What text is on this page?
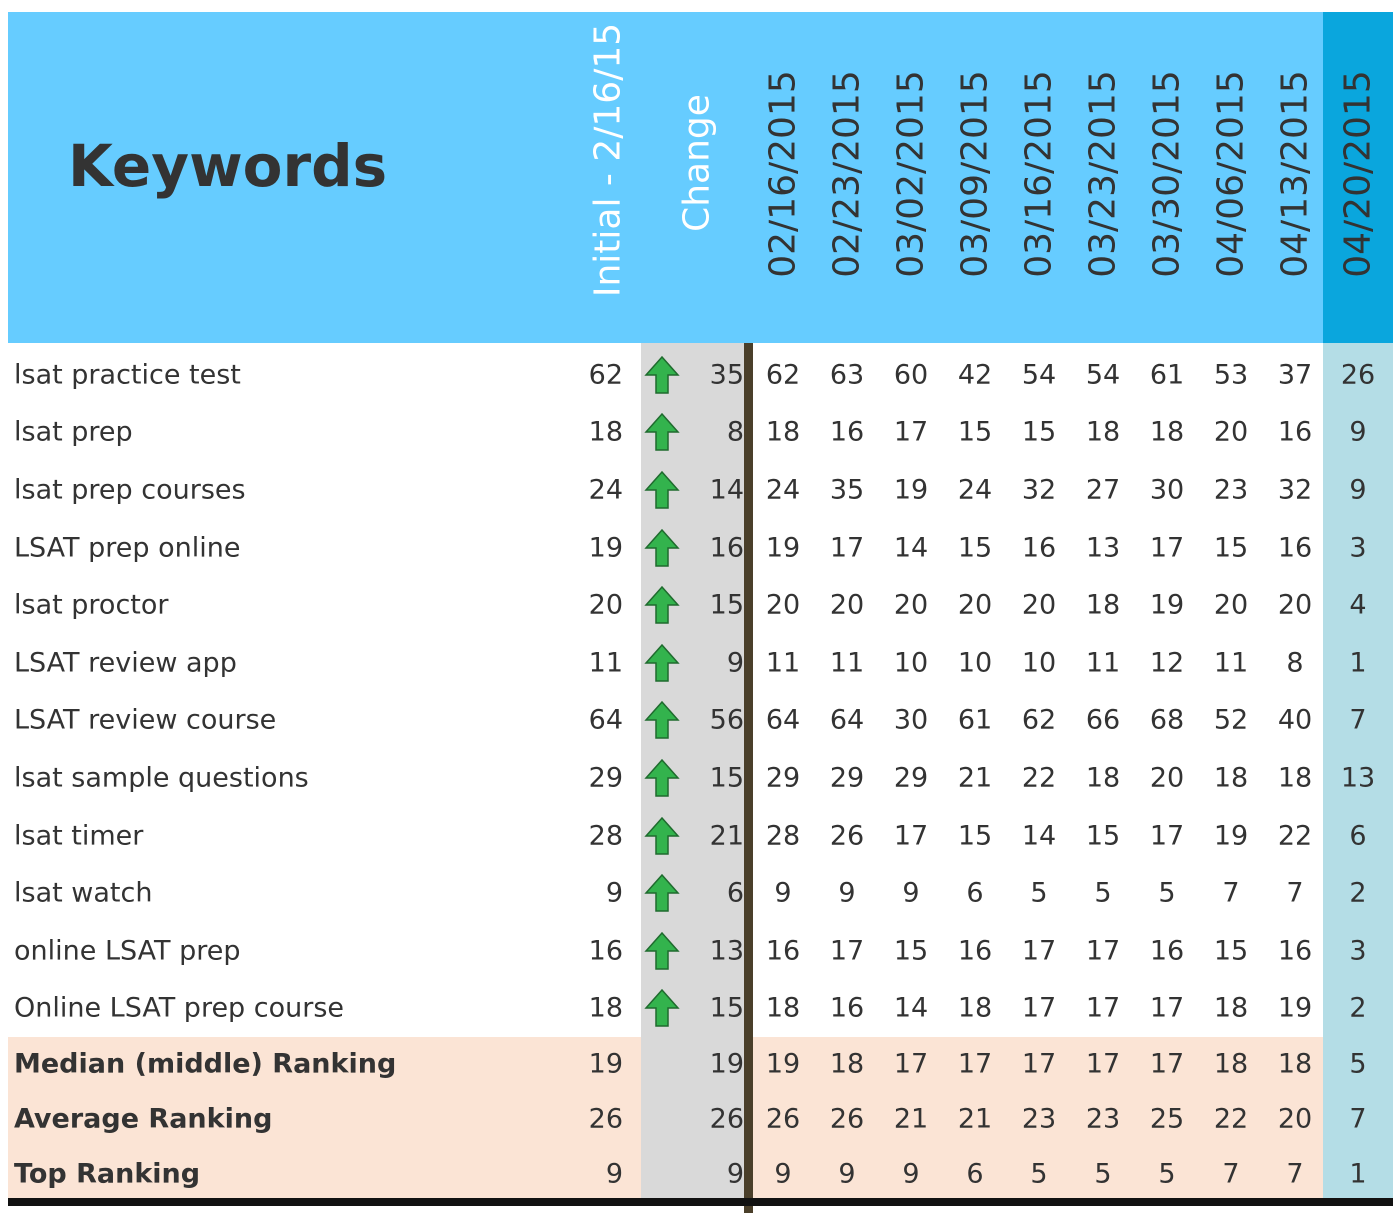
Keywords	Initial - 2/16/15 Change 02/16/2015 02/23/2015 03/02/2015 03/09/2015 03/16/2015 03/23/2015 03/30/2015 04/06/2015 04/13/2015 04/20/2015
lsat practice test	62	35 62 63 60 42 54 54 61 53 37 26
lsat prep	18	8 18 16 17 15 15 18 18 20 16 9
lsat prep courses	24	14 24 35 19 24 32 27 30 23 32 9
LSAT prep online	19	16 19 17 14 15 16 13 17 15 16 3
lsat proctor	20	15 20 20 20 20 20 18 19 20 20 4
LSAT review app	11	9 11 11 10 10 10 11 12 11 8 1
LSAT review course	64	56 64 64 30 61 62 66 68 52 40 7
lsat sample questions	29	15 29 29 29 21 22 18 20 18 18 13
lsat timer	28	21 28 26 17 15 14 15 17 19 22 6
lsat watch	9	6 9 9 9 6 5 5 5 7 7 2
online LSAT prep	16	13 16 17 15 16 17 17 16 15 16 3
Online LSAT prep course	18	15 18 16 14 18 17 17 17 18 19 2
Median (middle) Ranking	19	19 19 18 17 17 17 17 17 18 18 5
Average Ranking	26	26 26 26 21 21 23 23 25 22 20 7
Top Ranking	9	9 9 9 9 6 5 5 5 7 7 1
